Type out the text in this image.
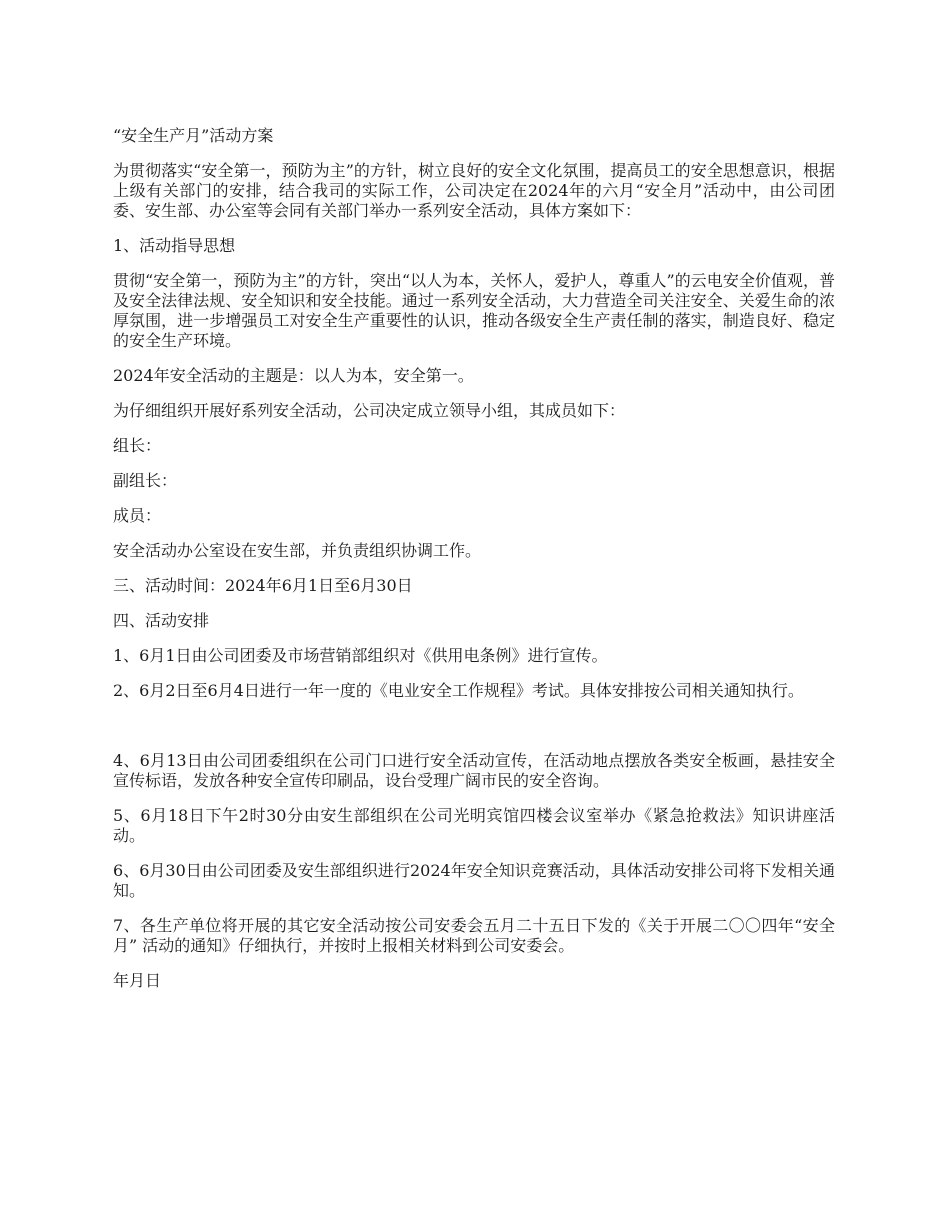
“安全生产月”活动方案

为贯彻落实“安全第一，预防为主”的方针，树立良好的安全文化氛围，提高员工的安全思想意识，根据上级有关部门的安排，结合我司的实际工作，公司决定在2024年的六月“安全月”活动中，由公司团委、安生部、办公室等会同有关部门举办一系列安全活动，具体方案如下：

1、活动指导思想

贯彻“安全第一，预防为主”的方针，突出“以人为本，关怀人，爱护人，尊重人”的云电安全价值观，普及安全法律法规、安全知识和安全技能。通过一系列安全活动，大力营造全司关注安全、关爱生命的浓厚氛围，进一步增强员工对安全生产重要性的认识，推动各级安全生产责任制的落实，制造良好、稳定的安全生产环境。

2024年安全活动的主题是：以人为本，安全第一。

为仔细组织开展好系列安全活动，公司决定成立领导小组，其成员如下：

组长：

副组长：

成员：

安全活动办公室设在安生部，并负责组织协调工作。

三、活动时间：2024年6月1日至6月30日

四、活动安排

1、6月1日由公司团委及市场营销部组织对《供用电条例》进行宣传。

2、6月2日至6月4日进行一年一度的《电业安全工作规程》考试。具体安排按公司相关通知执行。

4、6月13日由公司团委组织在公司门口进行安全活动宣传，在活动地点摆放各类安全板画，悬挂安全宣传标语，发放各种安全宣传印刷品，设台受理广阔市民的安全咨询。

5、6月18日下午2时30分由安生部组织在公司光明宾馆四楼会议室举办《紧急抢救法》知识讲座活动。

6、6月30日由公司团委及安生部组织进行2024年安全知识竞赛活动，具体活动安排公司将下发相关通知。

7、各生产单位将开展的其它安全活动按公司安委会五月二十五日下发的《关于开展二〇〇四年“安全月” 活动的通知》仔细执行，并按时上报相关材料到公司安委会。

年月日
